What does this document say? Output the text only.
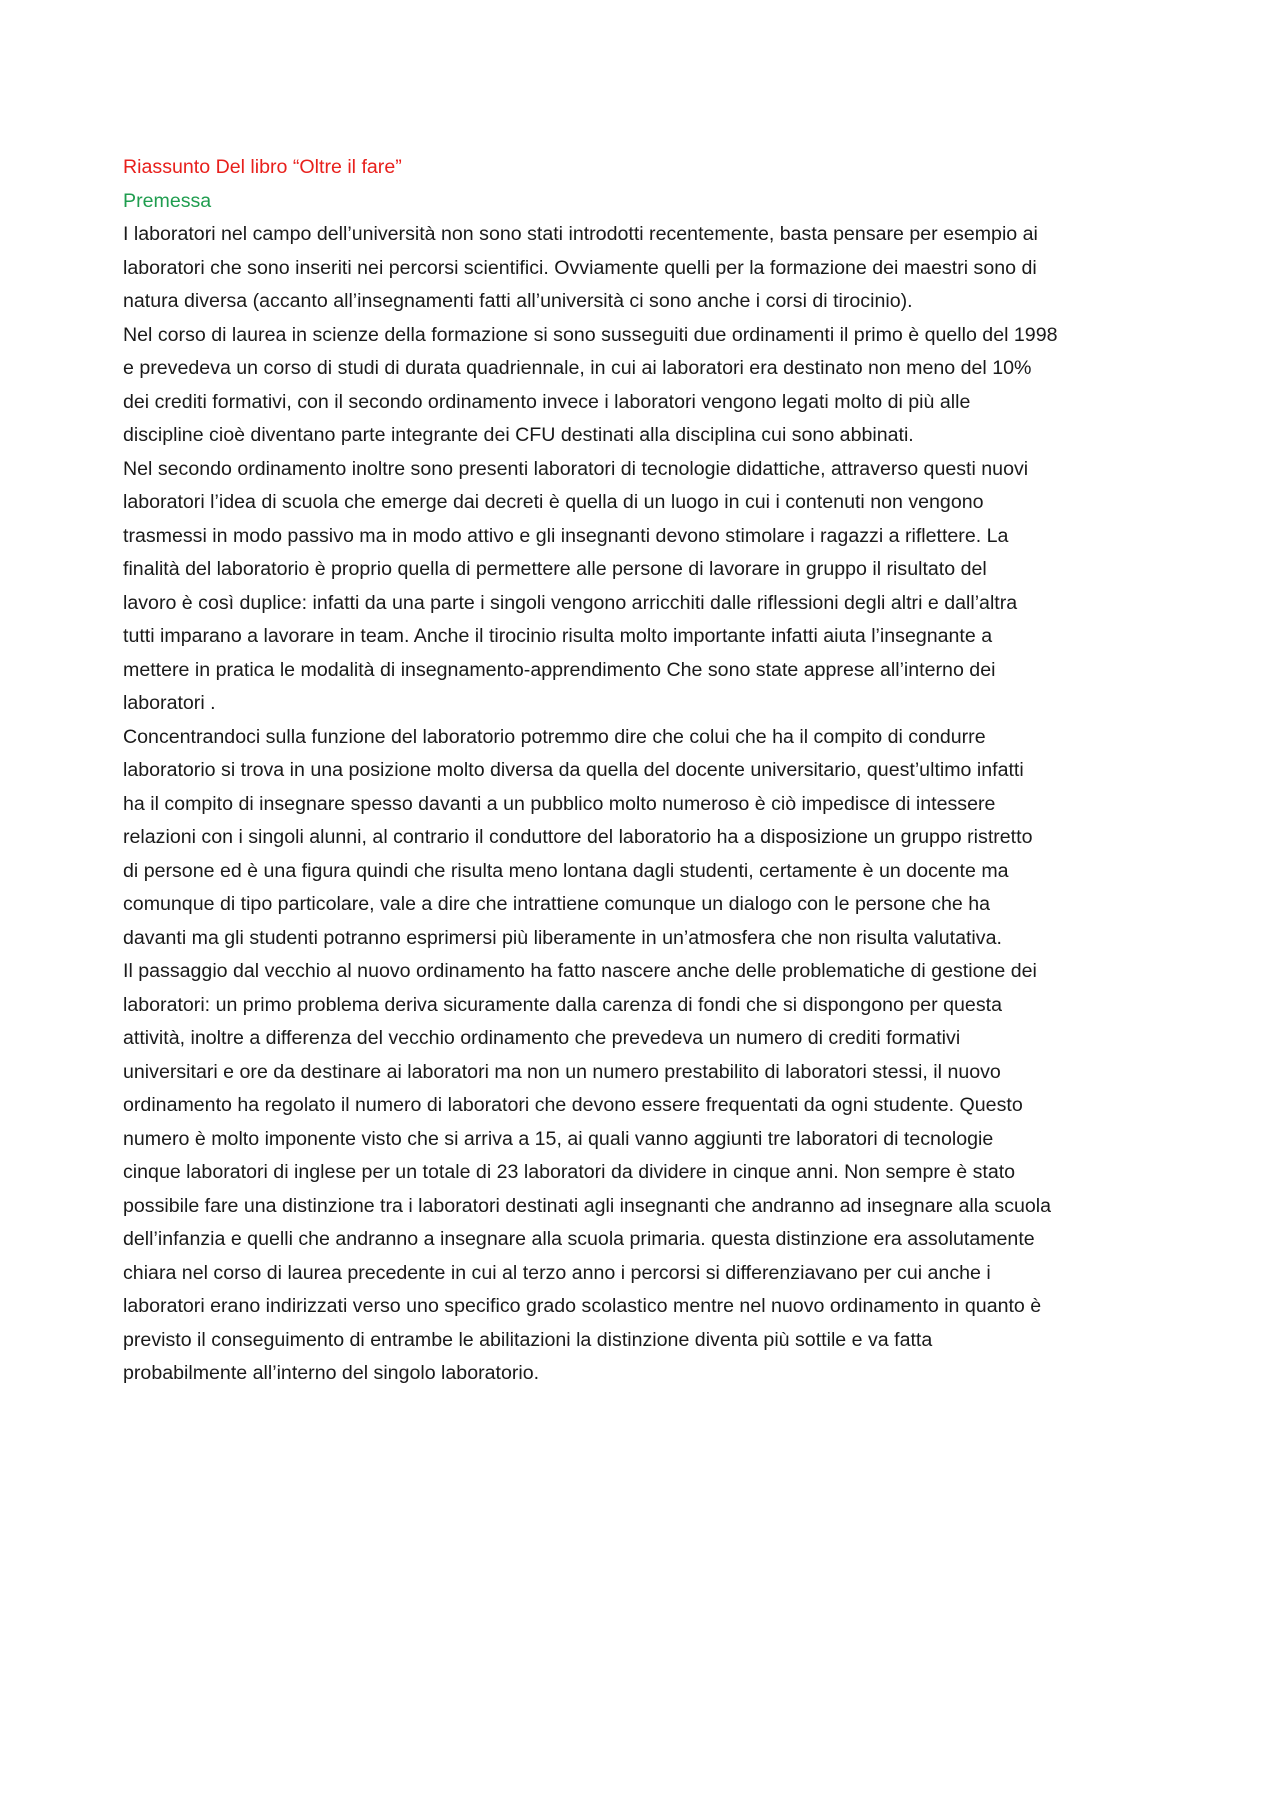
Riassunto Del libro “Oltre il fare”
Premessa
I laboratori nel campo dell’università non sono stati introdotti recentemente, basta pensare per esempio ai
laboratori che sono inseriti nei percorsi scientifici. Ovviamente quelli per la formazione dei maestri sono di
natura diversa (accanto all’insegnamenti fatti all’università ci sono anche i corsi di tirocinio).
Nel corso di laurea in scienze della formazione si sono susseguiti due ordinamenti il primo è quello del 1998
e prevedeva un corso di studi di durata quadriennale, in cui ai laboratori era destinato non meno del 10%
dei crediti formativi, con il secondo ordinamento invece i laboratori vengono legati molto di più alle
discipline cioè diventano parte integrante dei CFU destinati alla disciplina cui sono abbinati.
Nel secondo ordinamento inoltre sono presenti laboratori di tecnologie didattiche, attraverso questi nuovi
laboratori l’idea di scuola che emerge dai decreti è quella di un luogo in cui i contenuti non vengono
trasmessi in modo passivo ma in modo attivo e gli insegnanti devono stimolare i ragazzi a riflettere. La
finalità del laboratorio è proprio quella di permettere alle persone di lavorare in gruppo il risultato del
lavoro è così duplice: infatti da una parte i singoli vengono arricchiti dalle riflessioni degli altri e dall’altra
tutti imparano a lavorare in team. Anche il tirocinio risulta molto importante infatti aiuta l’insegnante a
mettere in pratica le modalità di insegnamento-apprendimento Che sono state apprese all’interno dei
laboratori .
Concentrandoci sulla funzione del laboratorio potremmo dire che colui che ha il compito di condurre
laboratorio si trova in una posizione molto diversa da quella del docente universitario, quest’ultimo infatti
ha il compito di insegnare spesso davanti a un pubblico molto numeroso è ciò impedisce di intessere
relazioni con i singoli alunni, al contrario il conduttore del laboratorio ha a disposizione un gruppo ristretto
di persone ed è una figura quindi che risulta meno lontana dagli studenti, certamente è un docente ma
comunque di tipo particolare, vale a dire che intrattiene comunque un dialogo con le persone che ha
davanti ma gli studenti potranno esprimersi più liberamente in un’atmosfera che non risulta valutativa.
Il passaggio dal vecchio al nuovo ordinamento ha fatto nascere anche delle problematiche di gestione dei
laboratori: un primo problema deriva sicuramente dalla carenza di fondi che si dispongono per questa
attività, inoltre a differenza del vecchio ordinamento che prevedeva un numero di crediti formativi
universitari e ore da destinare ai laboratori ma non un numero prestabilito di laboratori stessi, il nuovo
ordinamento ha regolato il numero di laboratori che devono essere frequentati da ogni studente. Questo
numero è molto imponente visto che si arriva a 15, ai quali vanno aggiunti tre laboratori di tecnologie
cinque laboratori di inglese per un totale di 23 laboratori da dividere in cinque anni. Non sempre è stato
possibile fare una distinzione tra i laboratori destinati agli insegnanti che andranno ad insegnare alla scuola
dell’infanzia e quelli che andranno a insegnare alla scuola primaria. questa distinzione era assolutamente
chiara nel corso di laurea precedente in cui al terzo anno i percorsi si differenziavano per cui anche i
laboratori erano indirizzati verso uno specifico grado scolastico mentre nel nuovo ordinamento in quanto è
previsto il conseguimento di entrambe le abilitazioni la distinzione diventa più sottile e va fatta
probabilmente all’interno del singolo laboratorio.
